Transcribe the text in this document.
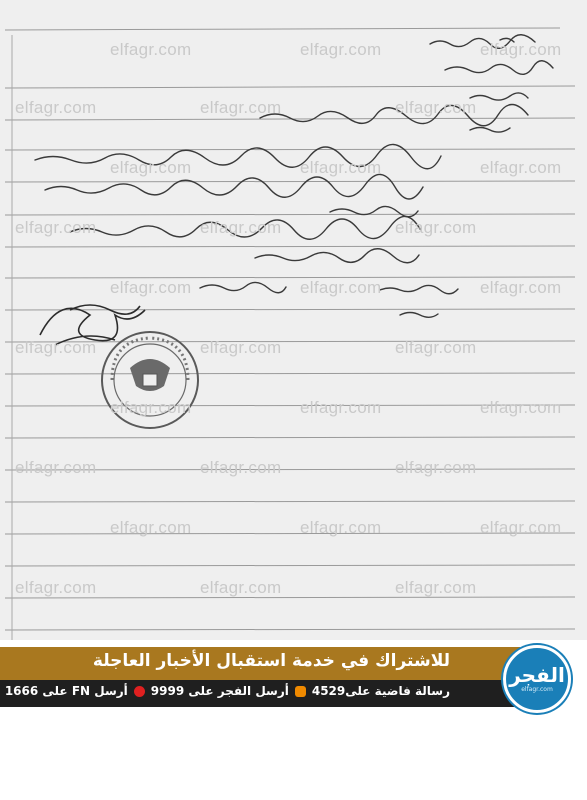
elfagr.com	elfagr.com	elfagr.com
elfagr.com	elfagr.com	elfagr.com
elfagr.com	elfagr.com	elfagr.com
elfagr.com	elfagr.com	elfagr.com
elfagr.com	elfagr.com	elfagr.com
elfagr.com	elfagr.com	elfagr.com
elfagr.com	elfagr.com	elfagr.com
elfagr.com	elfagr.com	elfagr.com
elfagr.com	elfagr.com	elfagr.com
elfagr.com	elfagr.com	elfagr.com
للاشتراك في خدمة استقبال الأخبار العاجلة
رسالة فاضية على4529
أرسل الفجر على 9999
أرسل FN على 1666
الفجر
elfagr.com
